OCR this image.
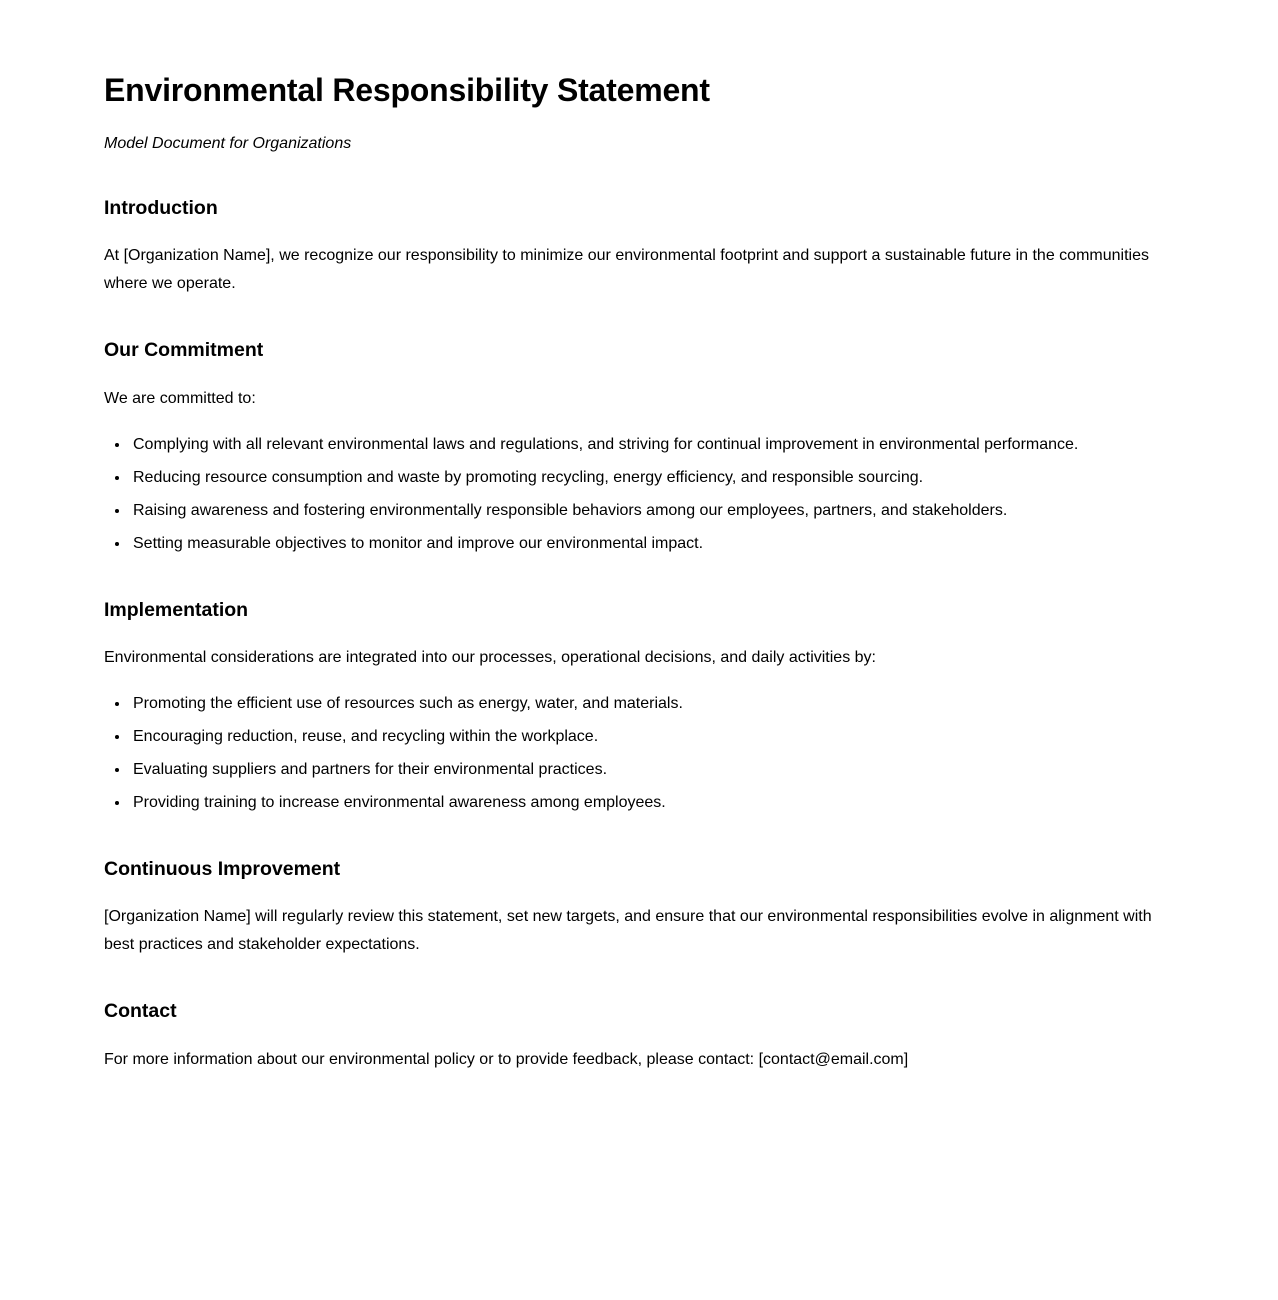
Environmental Responsibility Statement

Model Document for Organizations

Introduction

At [Organization Name], we recognize our responsibility to minimize our environmental footprint and support a sustainable future in the communities where we operate.

Our Commitment

We are committed to:

• Complying with all relevant environmental laws and regulations, and striving for continual improvement in environmental performance.
• Reducing resource consumption and waste by promoting recycling, energy efficiency, and responsible sourcing.
• Raising awareness and fostering environmentally responsible behaviors among our employees, partners, and stakeholders.
• Setting measurable objectives to monitor and improve our environmental impact.
Implementation

Environmental considerations are integrated into our processes, operational decisions, and daily activities by:

• Promoting the efficient use of resources such as energy, water, and materials.
• Encouraging reduction, reuse, and recycling within the workplace.
• Evaluating suppliers and partners for their environmental practices.
• Providing training to increase environmental awareness among employees.
Continuous Improvement

[Organization Name] will regularly review this statement, set new targets, and ensure that our environmental responsibilities evolve in alignment with best practices and stakeholder expectations.

Contact

For more information about our environmental policy or to provide feedback, please contact: [contact@email.com]
